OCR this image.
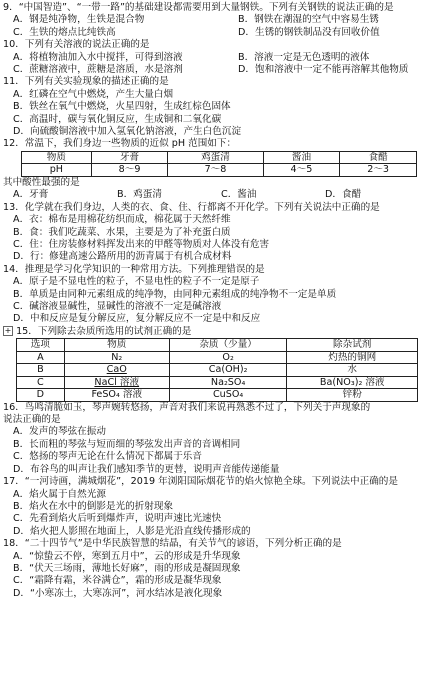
9．“中国智造”、“一带一路”的基础建设都需要用到大量钢铁。下列有关钢铁的说法正确的是
A．钢是纯净物，生铁是混合物	B．钢铁在潮湿的空气中容易生锈
C．生铁的熔点比纯铁高	D．生锈的钢铁制品没有回收价值
10．下列有关溶液的说法正确的是
A．将植物油加入水中搅拌，可得到溶液	B．溶液一定是无色透明的液体
C．蔗糖溶液中，蔗糖是溶质，水是溶剂	D．饱和溶液中一定不能再溶解其他物质
11．下列有关实验现象的描述正确的是
A．红磷在空气中燃烧，产生大量白烟
B．铁丝在氧气中燃烧，火星四射，生成红棕色固体
C．高温时，碳与氧化铜反应，生成铜和二氧化碳
D．向硫酸铜溶液中加入氢氧化钠溶液，产生白色沉淀
12．常温下，我们身边一些物质的近似 pH 范围如下：
物质	牙膏	鸡蛋清	酱油	食醋
pH	8～9	7～8	4～5	2～3
其中酸性最强的是
A．牙膏	B．鸡蛋清	C．酱油	D．食醋
13．化学就在我们身边，人类的衣、食、住、行都离不开化学。下列有关说法中正确的是
A．衣：棉布是用棉花纺织而成，棉花属于天然纤维
B．食：我们吃蔬菜、水果，主要是为了补充蛋白质
C．住：住房装修材料挥发出来的甲醛等物质对人体没有危害
D．行：修建高速公路所用的沥青属于有机合成材料
14．推理是学习化学知识的一种常用方法。下列推理错误的是
A．原子是不显电性的粒子，不显电性的粒子不一定是原子
B．单质是由同种元素组成的纯净物，由同种元素组成的纯净物不一定是单质
C．碱溶液显碱性，显碱性的溶液不一定是碱溶液
D．中和反应是复分解反应，复分解反应不一定是中和反应
+ 15．下列除去杂质所选用的试剂正确的是
选项	物质	杂质（少量）	除杂试剂
A	N₂	O₂	灼热的铜网
B	CaO	Ca(OH)₂	水
C	NaCl 溶液	Na₂SO₄	Ba(NO₃)₂ 溶液
D	FeSO₄ 溶液	CuSO₄	锌粉
16．鸟鸣清脆如玉，琴声婉转悠扬，声音对我们来说再熟悉不过了，下列关于声现象的
说法正确的是
A．发声的琴弦在振动
B．长而粗的琴弦与短而细的琴弦发出声音的音调相同
C．悠扬的琴声无论在什么情况下都属于乐音
D．布谷鸟的叫声让我们感知季节的更替，说明声音能传递能量
17．“一河诗画，满城烟花”，2019 年浏阳国际烟花节的焰火惊艳全球。下列说法中正确的是
A．焰火属于自然光源
B．焰火在水中的倒影是光的折射现象
C．先看到焰火后听到爆炸声，说明声速比光速快
D．焰火把人影照在地面上，人影是光沿直线传播形成的
18．“二十四节气”是中华民族智慧的结晶，有关节气的谚语，下列分析正确的是
A．“惊蛰云不停，寒到五月中”，云的形成是升华现象
B．“伏天三场雨，薄地长好麻”，雨的形成是凝固现象
C．“霜降有霜，米谷满仓”，霜的形成是凝华现象
D．“小寒冻土，大寒冻河”，河水结冰是液化现象
